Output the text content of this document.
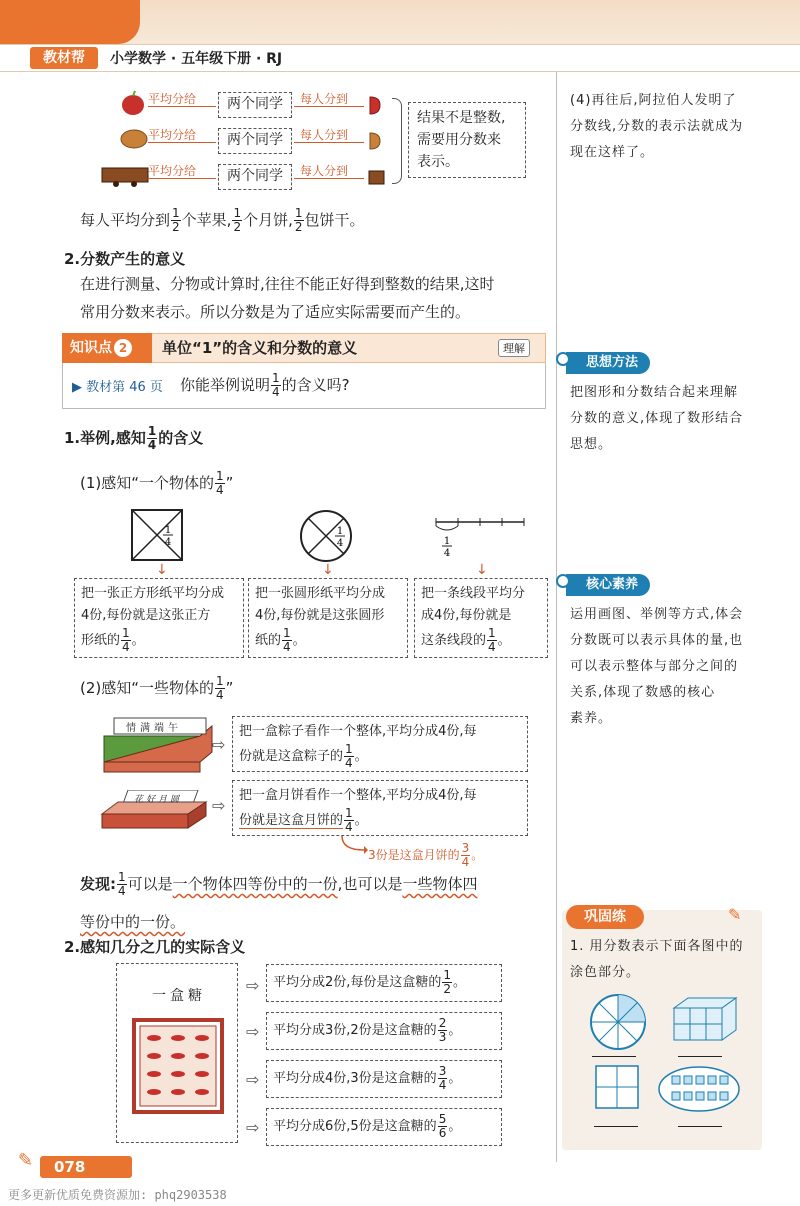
教材帮	小学数学 · 五年级下册 · RJ
平均分给	两个同学	每人分到
平均分给	两个同学	每人分到
平均分给	两个同学	每人分到
结果不是整数,
需要用分数来
表示。
每人平均分到 $\frac{1}{2}$ 个苹果, $\frac{1}{2}$ 个月饼, $\frac{1}{2}$ 包饼干。
2.分数产生的意义
在进行测量、分物或计算时,往往不能正好得到整数的结果,这时
常用分数来表示。所以分数是为了适应实际需要而产生的。
知识点 2	单位“1”的含义和分数的意义	理解
▶ 教材第 46 页 你能举例说明 $\frac{1}{4}$ 的含义吗?
1.举例,感知 $\frac{1}{4}$ 的含义
(1)感知“一个物体的 $\frac{1}{4}$ ”
1
4
1
4	1
4
↓	↓	↓
把一张正方形纸平均分成
4份,每份就是这张正方
形纸的 $\frac{1}{4}$ 。
把一张圆形纸平均分成
4份,每份就是这张圆形
纸的 $\frac{1}{4}$ 。
把一条线段平均分
成4份,每份就是
这条线段的 $\frac{1}{4}$ 。
(2)感知“一些物体的 $\frac{1}{4}$ ”
情满端午
⇨
把一盒粽子看作一个整体,平均分成4份,每
份就是这盒粽子的 $\frac{1}{4}$ 。
花好月圆 ⇨
把一盒月饼看作一个整体,平均分成4份,每
份就是这盒月饼的 $\frac{1}{4}$ 。
3份是这盒月饼的 $\frac{3}{4}$ 。
发现: $\frac{1}{4}$ 可以是一个物体四等份中的一份,也可以是一些物体四
等份中的一份。
2.感知几分之几的实际含义
一盒糖
⇨	平均分成2份,每份是这盒糖的 $\frac{1}{2}$ 。
⇨	平均分成3份,2份是这盒糖的 $\frac{2}{3}$ 。
⇨	平均分成4份,3份是这盒糖的 $\frac{3}{4}$ 。
⇨	平均分成6份,5份是这盒糖的 $\frac{5}{6}$ 。
(4)再往后,阿拉伯人发明了
分数线,分数的表示法就成为
现在这样了。
思想方法
把图形和分数结合起来理解
分数的意义,体现了数形结合
思想。
核心素养
运用画图、举例等方式,体会
分数既可以表示具体的量,也
可以表示整体与部分之间的
关系,体现了数感的核心
素养。
巩固练	✎
1. 用分数表示下面各图中的
涂色部分。
078
✎
更多更新优质免费资源加: phq2903538
